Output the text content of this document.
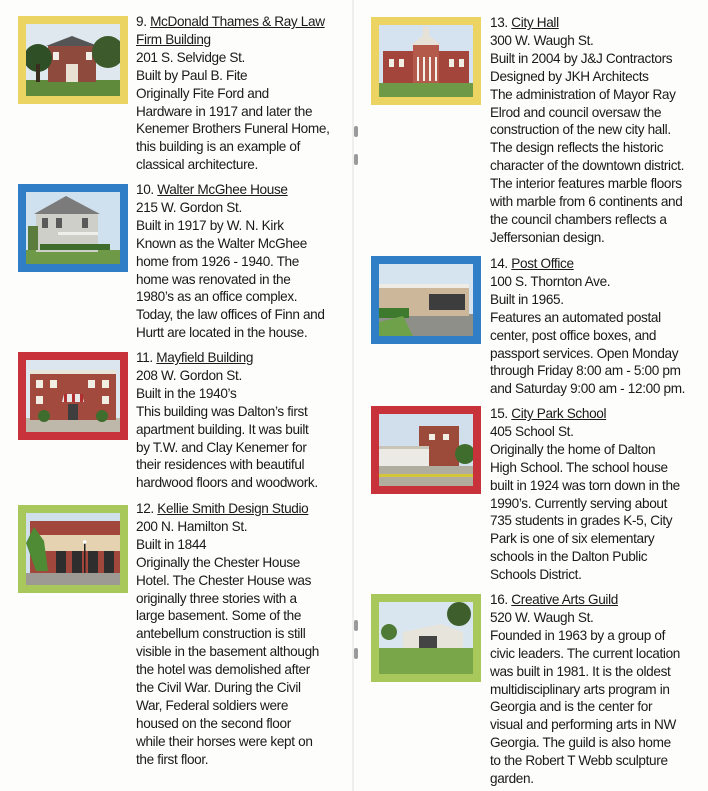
9. McDonald Thames & Ray Law
Firm Building
201 S. Selvidge St.
Built by Paul B. Fite
Originally Fite Ford and
Hardware in 1917 and later the
Kenemer Brothers Funeral Home,
this building is an example of
classical architecture.
10. Walter McGhee House
215 W. Gordon St.
Built in 1917 by W. N. Kirk
Known as the Walter McGhee
home from 1926 - 1940. The
home was renovated in the
1980’s as an office complex.
Today, the law offices of Finn and
Hurtt are located in the house.
11. Mayfield Building
208 W. Gordon St.
Built in the 1940’s
This building was Dalton’s first
apartment building. It was built
by T.W. and Clay Kenemer for
their residences with beautiful
hardwood floors and woodwork.
12. Kellie Smith Design Studio
200 N. Hamilton St.
Built in 1844
Originally the Chester House
Hotel. The Chester House was
originally three stories with a
large basement. Some of the
antebellum construction is still
visible in the basement although
the hotel was demolished after
the Civil War. During the Civil
War, Federal soldiers were
housed on the second floor
while their horses were kept on
the first floor.
13. City Hall
300 W. Waugh St.
Built in 2004 by J&J Contractors
Designed by JKH Architects
The administration of Mayor Ray
Elrod and council oversaw the
construction of the new city hall.
The design reflects the historic
character of the downtown district.
The interior features marble floors
with marble from 6 continents and
the council chambers reflects a
Jeffersonian design.
14. Post Office
100 S. Thornton Ave.
Built in 1965.
Features an automated postal
center, post office boxes, and
passport services. Open Monday
through Friday 8:00 am - 5:00 pm
and Saturday 9:00 am - 12:00 pm.
15. City Park School
405 School St.
Originally the home of Dalton
High School. The school house
built in 1924 was torn down in the
1990’s. Currently serving about
735 students in grades K-5, City
Park is one of six elementary
schools in the Dalton Public
Schools District.
16. Creative Arts Guild
520 W. Waugh St.
Founded in 1963 by a group of
civic leaders. The current location
was built in 1981. It is the oldest
multidisciplinary arts program in
Georgia and is the center for
visual and performing arts in NW
Georgia. The guild is also home
to the Robert T Webb sculpture
garden.
